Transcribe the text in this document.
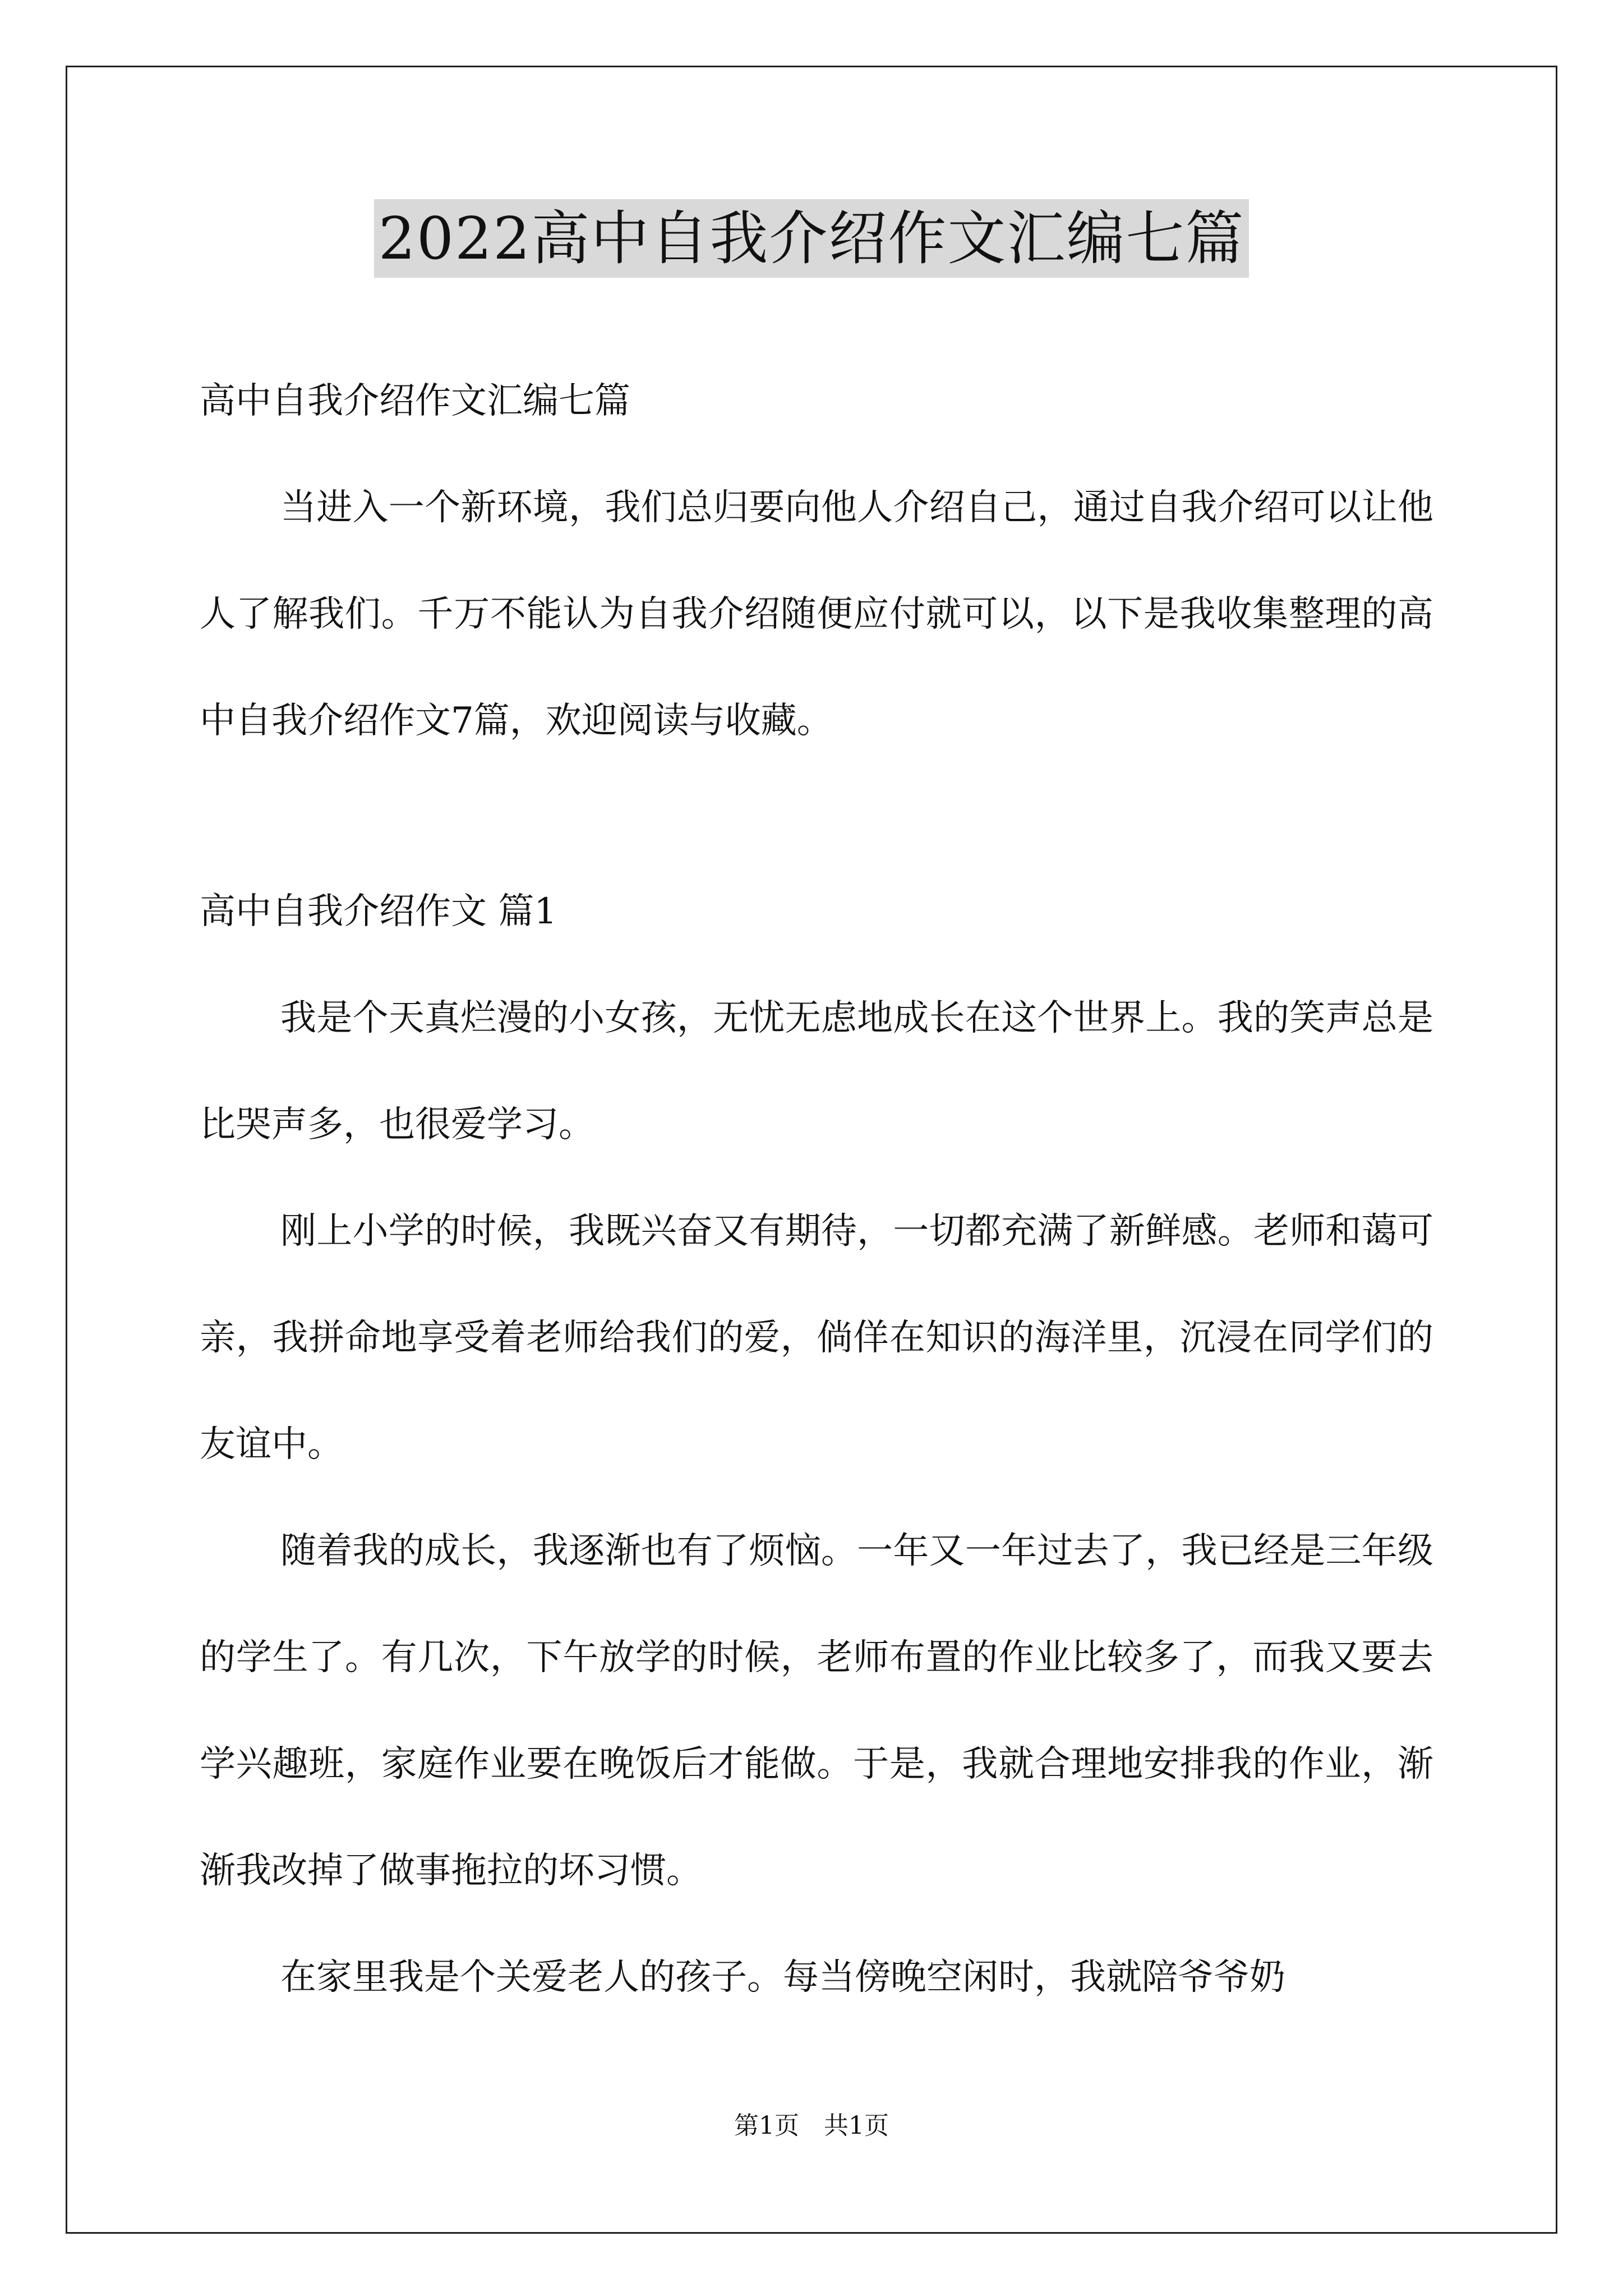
2022高中自我介绍作文汇编七篇

高中自我介绍作文汇编七篇

当进入一个新环境，我们总归要向他人介绍自己，通过自我介绍可以让他人了解我们。千万不能认为自我介绍随便应付就可以，以下是我收集整理的高中自我介绍作文7篇，欢迎阅读与收藏。

高中自我介绍作文 篇1

我是个天真烂漫的小女孩，无忧无虑地成长在这个世界上。我的笑声总是比哭声多，也很爱学习。

刚上小学的时候，我既兴奋又有期待，一切都充满了新鲜感。老师和蔼可亲，我拼命地享受着老师给我们的爱，倘佯在知识的海洋里，沉浸在同学们的友谊中。

随着我的成长，我逐渐也有了烦恼。一年又一年过去了，我已经是三年级的学生了。有几次，下午放学的时候，老师布置的作业比较多了，而我又要去学兴趣班，家庭作业要在晚饭后才能做。于是，我就合理地安排我的作业，渐渐我改掉了做事拖拉的坏习惯。

在家里我是个关爱老人的孩子。每当傍晚空闲时，我就陪爷爷奶

第1页 共1页
